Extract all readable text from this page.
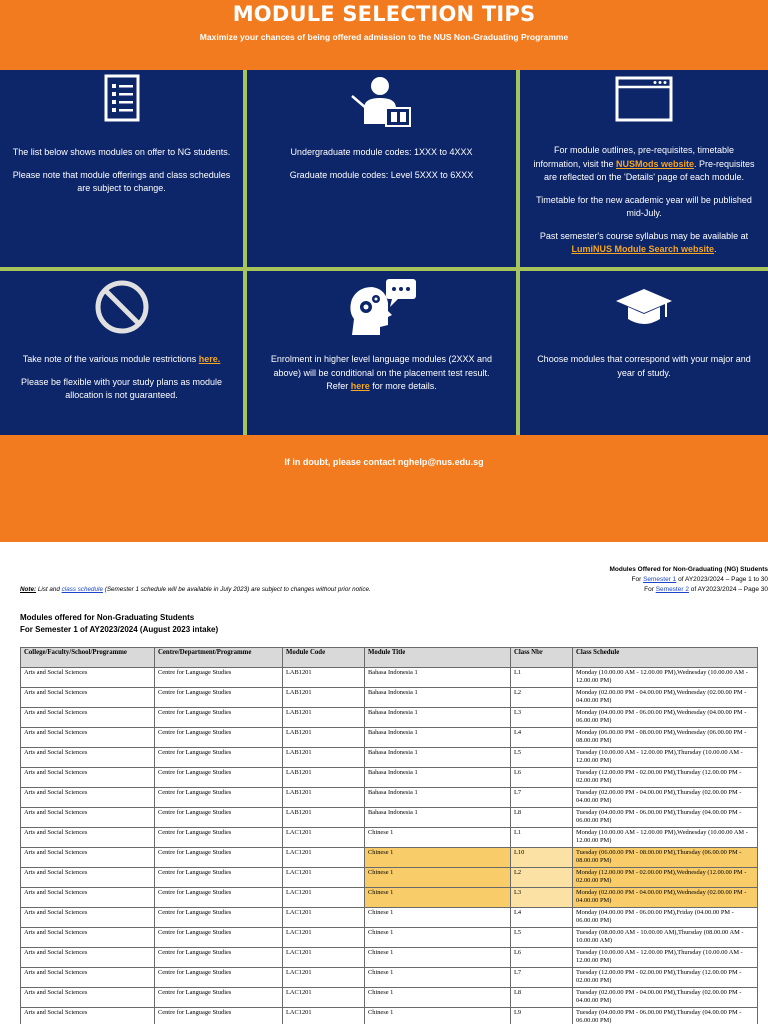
MODULE SELECTION TIPS

Maximize your chances of being offered admission to the NUS Non-Graduating Programme

The list below shows modules on offer to NG students.

Please note that module offerings and class schedules are subject to change.

Undergraduate module codes: 1XXX to 4XXX

Graduate module codes: Level 5XXX to 6XXX

For module outlines, pre-requisites, timetable information, visit the NUSMods website. Pre-requisites are reflected on the 'Details' page of each module.

Timetable for the new academic year will be published mid-July.

Past semester's course syllabus may be available at LumiNUS Module Search website.

Take note of the various module restrictions here.

Please be flexible with your study plans as module allocation is not guaranteed.

Enrolment in higher level language modules (2XXX and above) will be conditional on the placement test result.

Refer here for more details.

Choose modules that correspond with your major and year of study.

If in doubt, please contact nghelp@nus.edu.sg

Modules Offered for Non-Graduating (NG) Students
For Semester 1 of AY2023/2024 – Page 1 to 30
For Semester 2 of AY2023/2024 – Page 30
Note: List and class schedule (Semester 1 schedule will be available in July 2023) are subject to changes without prior notice.
Modules offered for Non-Graduating Students
For Semester 1 of AY2023/2024 (August 2023 intake)
College/Faculty/School/Programme	Centre/Department/Programme	Module Code	Module Title	Class Nbr	Class Schedule
Arts and Social Sciences	Centre for Language Studies	LAB1201	Bahasa Indonesia 1	L1	Monday (10.00.00 AM - 12.00.00 PM),Wednesday (10.00.00 AM - 12.00.00 PM)
Arts and Social Sciences	Centre for Language Studies	LAB1201	Bahasa Indonesia 1	L2	Monday (02.00.00 PM - 04.00.00 PM),Wednesday (02.00.00 PM - 04.00.00 PM)
Arts and Social Sciences	Centre for Language Studies	LAB1201	Bahasa Indonesia 1	L3	Monday (04.00.00 PM - 06.00.00 PM),Wednesday (04.00.00 PM - 06.00.00 PM)
Arts and Social Sciences	Centre for Language Studies	LAB1201	Bahasa Indonesia 1	L4	Monday (06.00.00 PM - 08.00.00 PM),Wednesday (06.00.00 PM - 08.00.00 PM)
Arts and Social Sciences	Centre for Language Studies	LAB1201	Bahasa Indonesia 1	L5	Tuesday (10.00.00 AM - 12.00.00 PM),Thursday (10.00.00 AM - 12.00.00 PM)
Arts and Social Sciences	Centre for Language Studies	LAB1201	Bahasa Indonesia 1	L6	Tuesday (12.00.00 PM - 02.00.00 PM),Thursday (12.00.00 PM - 02.00.00 PM)
Arts and Social Sciences	Centre for Language Studies	LAB1201	Bahasa Indonesia 1	L7	Tuesday (02.00.00 PM - 04.00.00 PM),Thursday (02.00.00 PM - 04.00.00 PM)
Arts and Social Sciences	Centre for Language Studies	LAB1201	Bahasa Indonesia 1	L8	Tuesday (04.00.00 PM - 06.00.00 PM),Thursday (04.00.00 PM - 06.00.00 PM)
Arts and Social Sciences	Centre for Language Studies	LAC1201	Chinese 1	L1	Monday (10.00.00 AM - 12.00.00 PM),Wednesday (10.00.00 AM - 12.00.00 PM)
Arts and Social Sciences	Centre for Language Studies	LAC1201	Chinese 1	L10	Tuesday (06.00.00 PM - 08.00.00 PM),Thursday (06.00.00 PM - 08.00.00 PM)
Arts and Social Sciences	Centre for Language Studies	LAC1201	Chinese 1	L2	Monday (12.00.00 PM - 02.00.00 PM),Wednesday (12.00.00 PM - 02.00.00 PM)
Arts and Social Sciences	Centre for Language Studies	LAC1201	Chinese 1	L3	Monday (02.00.00 PM - 04.00.00 PM),Wednesday (02.00.00 PM - 04.00.00 PM)
Arts and Social Sciences	Centre for Language Studies	LAC1201	Chinese 1	L4	Monday (04.00.00 PM - 06.00.00 PM),Friday (04.00.00 PM - 06.00.00 PM)
Arts and Social Sciences	Centre for Language Studies	LAC1201	Chinese 1	L5	Tuesday (08.00.00 AM - 10.00.00 AM),Thursday (08.00.00 AM - 10.00.00 AM)
Arts and Social Sciences	Centre for Language Studies	LAC1201	Chinese 1	L6	Tuesday (10.00.00 AM - 12.00.00 PM),Thursday (10.00.00 AM - 12.00.00 PM)
Arts and Social Sciences	Centre for Language Studies	LAC1201	Chinese 1	L7	Tuesday (12.00.00 PM - 02.00.00 PM),Thursday (12.00.00 PM - 02.00.00 PM)
Arts and Social Sciences	Centre for Language Studies	LAC1201	Chinese 1	L8	Tuesday (02.00.00 PM - 04.00.00 PM),Thursday (02.00.00 PM - 04.00.00 PM)
Arts and Social Sciences	Centre for Language Studies	LAC1201	Chinese 1	L9	Tuesday (04.00.00 PM - 06.00.00 PM),Thursday (04.00.00 PM - 06.00.00 PM)
